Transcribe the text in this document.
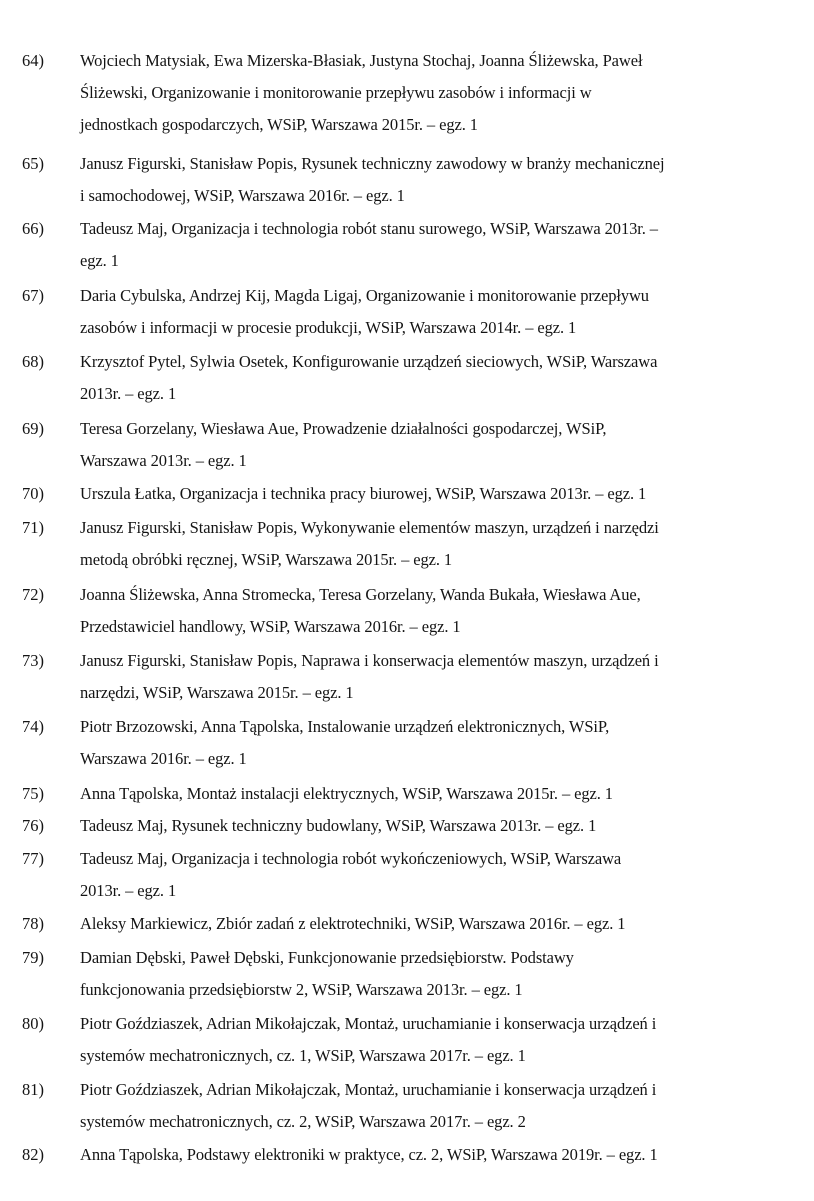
64)	Wojciech Matysiak, Ewa Mizerska-Błasiak, Justyna Stochaj, Joanna Śliżewska, Paweł
Śliżewski, Organizowanie i monitorowanie przepływu zasobów i informacji w
jednostkach gospodarczych, WSiP, Warszawa 2015r. – egz. 1
65)	Janusz Figurski, Stanisław Popis, Rysunek techniczny zawodowy w branży mechanicznej
i samochodowej, WSiP, Warszawa 2016r. – egz. 1
66)	Tadeusz Maj, Organizacja i technologia robót stanu surowego, WSiP, Warszawa 2013r. –
egz. 1
67)	Daria Cybulska, Andrzej Kij, Magda Ligaj, Organizowanie i monitorowanie przepływu
zasobów i informacji w procesie produkcji, WSiP, Warszawa 2014r. – egz. 1
68)	Krzysztof Pytel, Sylwia Osetek, Konfigurowanie urządzeń sieciowych, WSiP, Warszawa
2013r. – egz. 1
69)	Teresa Gorzelany, Wiesława Aue, Prowadzenie działalności gospodarczej, WSiP,
Warszawa 2013r. – egz. 1
70)	Urszula Łatka, Organizacja i technika pracy biurowej, WSiP, Warszawa 2013r. – egz. 1
71)	Janusz Figurski, Stanisław Popis, Wykonywanie elementów maszyn, urządzeń i narzędzi
metodą obróbki ręcznej, WSiP, Warszawa 2015r. – egz. 1
72)	Joanna Śliżewska, Anna Stromecka, Teresa Gorzelany, Wanda Bukała, Wiesława Aue,
Przedstawiciel handlowy, WSiP, Warszawa 2016r. – egz. 1
73)	Janusz Figurski, Stanisław Popis, Naprawa i konserwacja elementów maszyn, urządzeń i
narzędzi, WSiP, Warszawa 2015r. – egz. 1
74)	Piotr Brzozowski, Anna Tąpolska, Instalowanie urządzeń elektronicznych, WSiP,
Warszawa 2016r. – egz. 1
75)	Anna Tąpolska, Montaż instalacji elektrycznych, WSiP, Warszawa 2015r. – egz. 1
76)	Tadeusz Maj, Rysunek techniczny budowlany, WSiP, Warszawa 2013r. – egz. 1
77)	Tadeusz Maj, Organizacja i technologia robót wykończeniowych, WSiP, Warszawa
2013r. – egz. 1
78)	Aleksy Markiewicz, Zbiór zadań z elektrotechniki, WSiP, Warszawa 2016r. – egz. 1
79)	Damian Dębski, Paweł Dębski, Funkcjonowanie przedsiębiorstw. Podstawy
funkcjonowania przedsiębiorstw 2, WSiP, Warszawa 2013r. – egz. 1
80)	Piotr Goździaszek, Adrian Mikołajczak, Montaż, uruchamianie i konserwacja urządzeń i
systemów mechatronicznych, cz. 1, WSiP, Warszawa 2017r. – egz. 1
81)	Piotr Goździaszek, Adrian Mikołajczak, Montaż, uruchamianie i konserwacja urządzeń i
systemów mechatronicznych, cz. 2, WSiP, Warszawa 2017r. – egz. 2
82)	Anna Tąpolska, Podstawy elektroniki w praktyce, cz. 2, WSiP, Warszawa 2019r. – egz. 1
